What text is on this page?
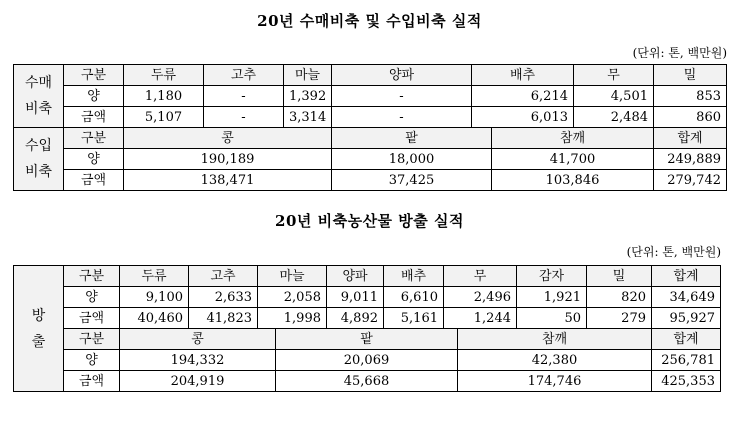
20년 수매비축 및 수입비축 실적
(단위: 톤, 백만원)
수매
비축	구분	두류	고추	마늘	양파	배추		무	밀	
	양	1,180	-	1,392	-	6,214		4,501	853	
	금액	5,107	-	3,314	-	6,013		2,484	860	
수입
비축	구분	콩			팥		참깨		합계	
	양	190,189			18,000		41,700		249,889	
	금액	138,471			37,425		103,846		279,742	
20년 비축농산물 방출 실적
(단위: 톤, 백만원)
방
출	구분	두류	고추	마늘		양파	배추	무		감자	밀	합계
	양	9,100	2,633	2,058		9,011	6,610	2,496		1,921	820	34,649
	금액	40,460	41,823	1,998		4,892	5,161	1,244		50	279	95,927
	구분	콩			팥				참깨			합계
	양	194,332			20,069				42,380			256,781
	금액	204,919			45,668				174,746			425,353
